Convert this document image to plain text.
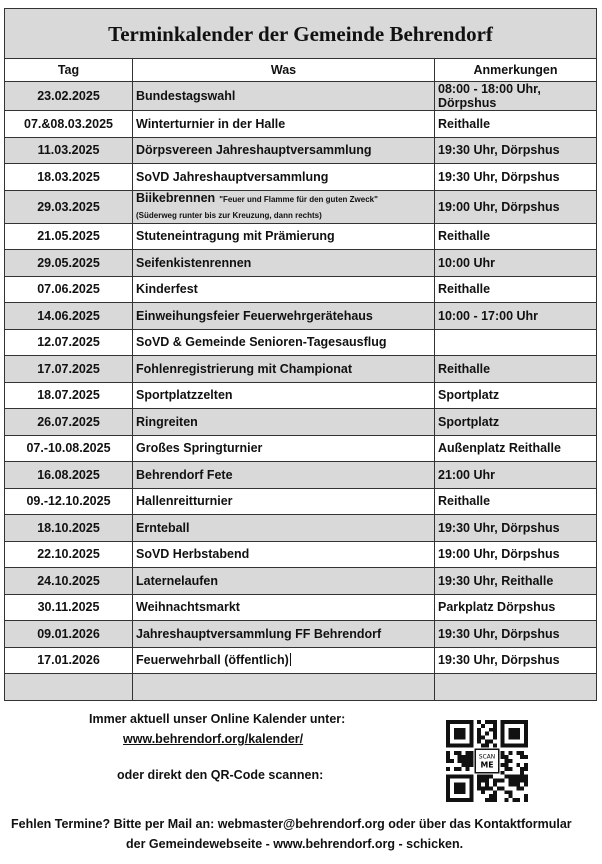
Terminkalender der Gemeinde Behrendorf		
Tag	Was	Anmerkungen
23.02.2025	Bundestagswahl	08:00 - 18:00 Uhr,
Dörpshus
07.&08.03.2025	Winterturnier in der Halle	Reithalle
11.03.2025	Dörpsvereen Jahreshauptversammlung	19:30 Uhr, Dörpshus
18.03.2025	SoVD Jahreshauptversammlung	19:30 Uhr, Dörpshus
29.03.2025	Biikebrennen "Feuer und Flamme für den guten Zweck"
(Süderweg runter bis zur Kreuzung, dann rechts)	19:00 Uhr, Dörpshus
21.05.2025	Stuteneintragung mit Prämierung	Reithalle
29.05.2025	Seifenkistenrennen	10:00 Uhr
07.06.2025	Kinderfest	Reithalle
14.06.2025	Einweihungsfeier Feuerwehrgerätehaus	10:00 - 17:00 Uhr
12.07.2025	SoVD & Gemeinde Senioren-Tagesausflug	
17.07.2025	Fohlenregistrierung mit Championat	Reithalle
18.07.2025	Sportplatzzelten	Sportplatz
26.07.2025	Ringreiten	Sportplatz
07.-10.08.2025	Großes Springturnier	Außenplatz Reithalle
16.08.2025	Behrendorf Fete	21:00 Uhr
09.-12.10.2025	Hallenreitturnier	Reithalle
18.10.2025	Ernteball	19:30 Uhr, Dörpshus
22.10.2025	SoVD Herbstabend	19:00 Uhr, Dörpshus
24.10.2025	Laternelaufen	19:30 Uhr, Reithalle
30.11.2025	Weihnachtsmarkt	Parkplatz Dörpshus
09.01.2026	Jahreshauptversammlung FF Behrendorf	19:30 Uhr, Dörpshus
17.01.2026	Feuerwehrball (öffentlich)	19:30 Uhr, Dörpshus

Immer aktuell unser Online Kalender unter:
www.behrendorf.org/kalender/
oder direkt den QR-Code scannen:
SCAN
ME
Fehlen Termine? Bitte per Mail an: webmaster@behrendorf.org oder über das Kontaktformular
der Gemeindewebseite - www.behrendorf.org - schicken.
